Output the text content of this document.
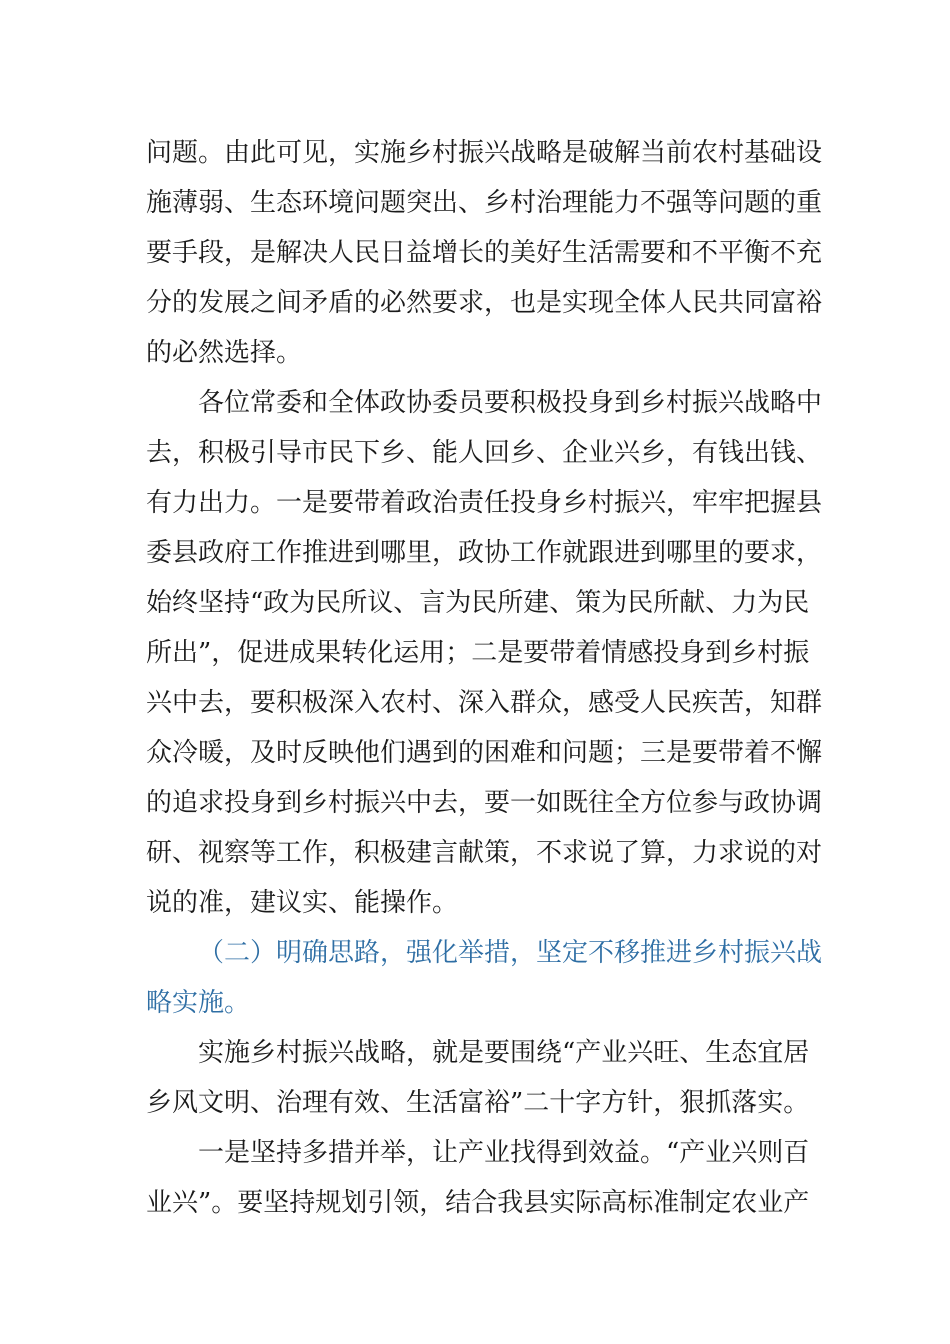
问题。由此可见，实施乡村振兴战略是破解当前农村基础设
施薄弱、生态环境问题突出、乡村治理能力不强等问题的重
要手段，是解决人民日益增长的美好生活需要和不平衡不充
分的发展之间矛盾的必然要求，也是实现全体人民共同富裕
的必然选择。
各位常委和全体政协委员要积极投身到乡村振兴战略中
去，积极引导市民下乡、能人回乡、企业兴乡，有钱出钱、
有力出力。一是要带着政治责任投身乡村振兴，牢牢把握县
委县政府工作推进到哪里，政协工作就跟进到哪里的要求，
始终坚持“政为民所议、言为民所建、策为民所献、力为民
所出”，促进成果转化运用；二是要带着情感投身到乡村振
兴中去，要积极深入农村、深入群众，感受人民疾苦，知群
众冷暖，及时反映他们遇到的困难和问题；三是要带着不懈
的追求投身到乡村振兴中去，要一如既往全方位参与政协调
研、视察等工作，积极建言献策，不求说了算，力求说的对
说的准，建议实、能操作。
（二）明确思路，强化举措，坚定不移推进乡村振兴战
略实施。
实施乡村振兴战略，就是要围绕“产业兴旺、生态宜居
乡风文明、治理有效、生活富裕”二十字方针，狠抓落实。
一是坚持多措并举，让产业找得到效益。“产业兴则百
业兴”。要坚持规划引领，结合我县实际高标准制定农业产
